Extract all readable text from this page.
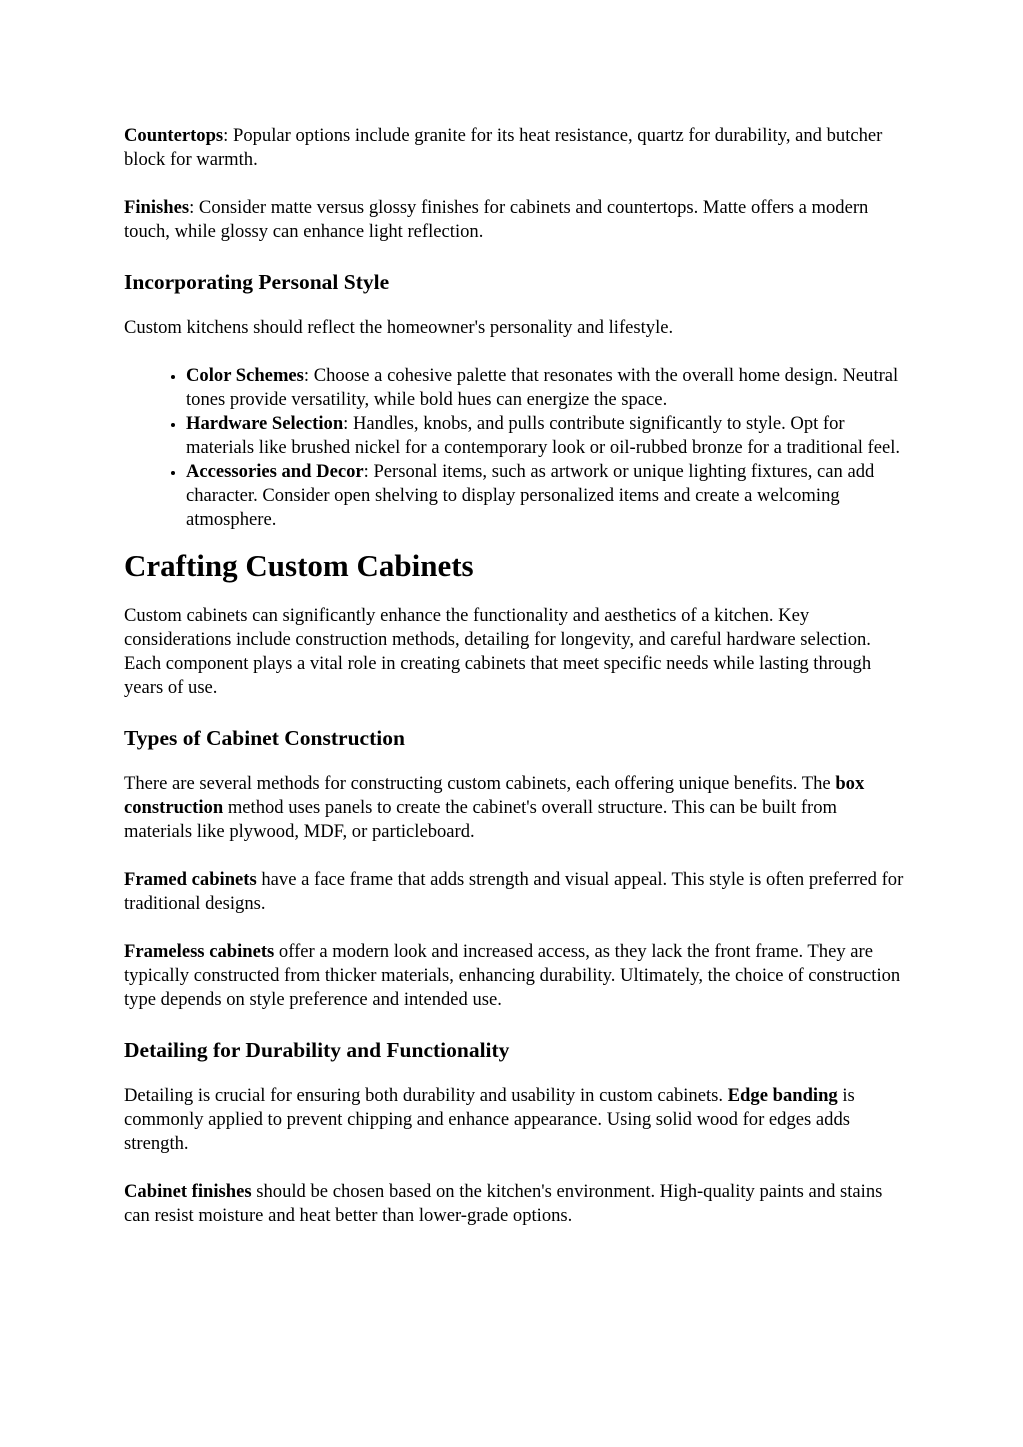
Countertops: Popular options include granite for its heat resistance, quartz for durability, and butcher block for warmth.

Finishes: Consider matte versus glossy finishes for cabinets and countertops. Matte offers a modern touch, while glossy can enhance light reflection.

Incorporating Personal Style

Custom kitchens should reflect the homeowner's personality and lifestyle.

• Color Schemes: Choose a cohesive palette that resonates with the overall home design. Neutral tones provide versatility, while bold hues can energize the space.
• Hardware Selection: Handles, knobs, and pulls contribute significantly to style. Opt for materials like brushed nickel for a contemporary look or oil-rubbed bronze for a traditional feel.
• Accessories and Decor: Personal items, such as artwork or unique lighting fixtures, can add character. Consider open shelving to display personalized items and create a welcoming atmosphere.
Crafting Custom Cabinets

Custom cabinets can significantly enhance the functionality and aesthetics of a kitchen. Key considerations include construction methods, detailing for longevity, and careful hardware selection. Each component plays a vital role in creating cabinets that meet specific needs while lasting through years of use.

Types of Cabinet Construction

There are several methods for constructing custom cabinets, each offering unique benefits. The box construction method uses panels to create the cabinet's overall structure. This can be built from materials like plywood, MDF, or particleboard.

Framed cabinets have a face frame that adds strength and visual appeal. This style is often preferred for traditional designs.

Frameless cabinets offer a modern look and increased access, as they lack the front frame. They are typically constructed from thicker materials, enhancing durability. Ultimately, the choice of construction type depends on style preference and intended use.

Detailing for Durability and Functionality

Detailing is crucial for ensuring both durability and usability in custom cabinets. Edge banding is commonly applied to prevent chipping and enhance appearance. Using solid wood for edges adds strength.

Cabinet finishes should be chosen based on the kitchen's environment. High-quality paints and stains can resist moisture and heat better than lower-grade options.
